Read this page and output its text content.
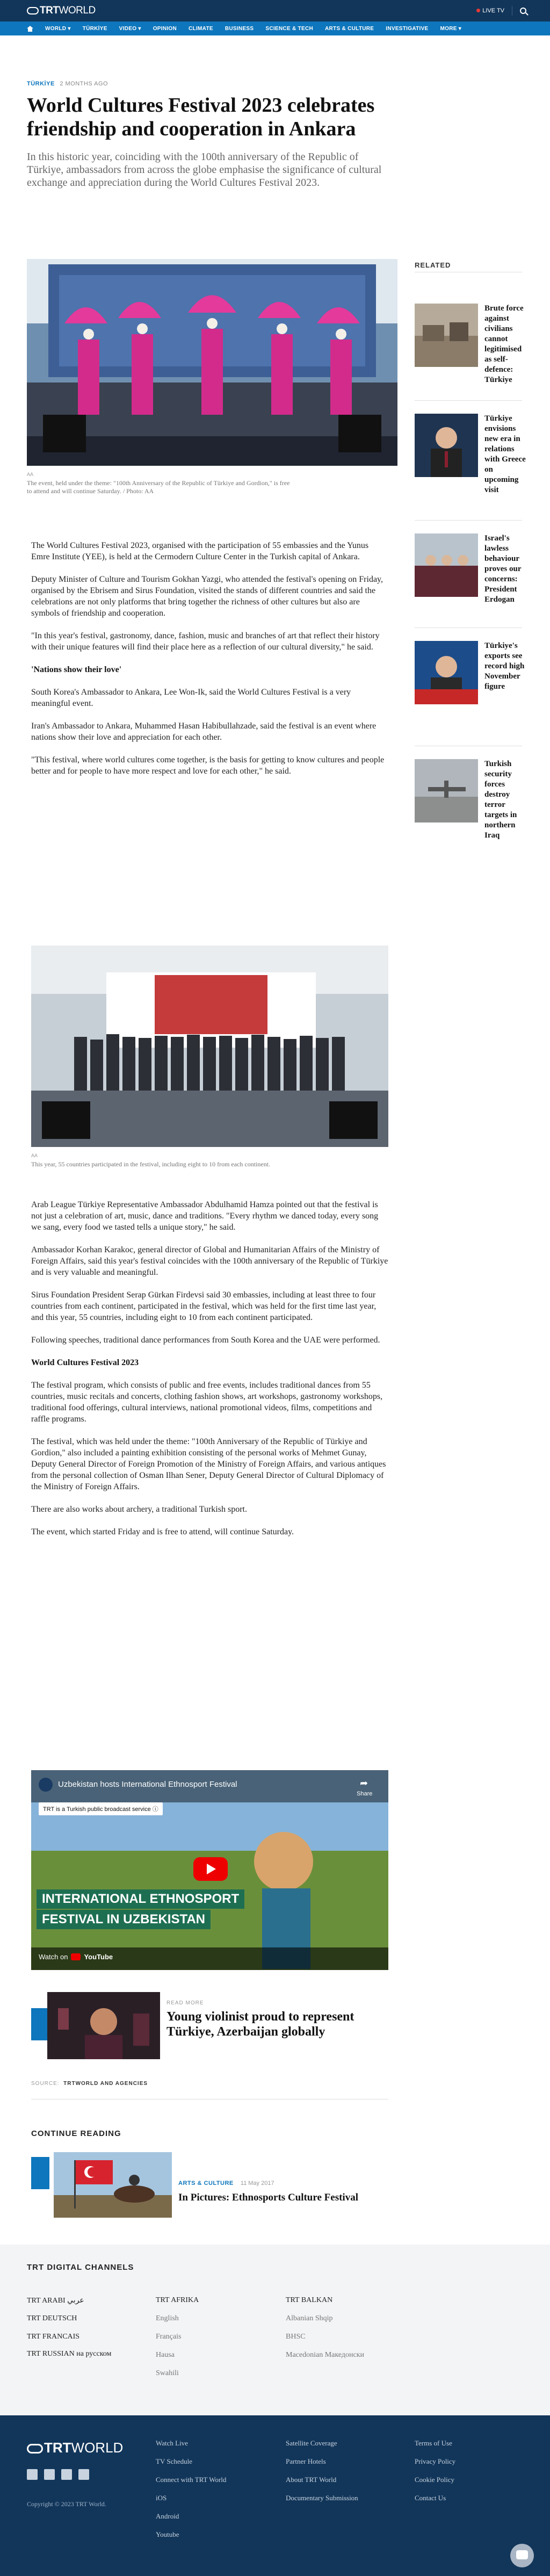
TRT WORLD	LIVE TV
WORLD ▾ TÜRKİYE VIDEO ▾ OPINION CLIMATE BUSINESS SCIENCE & TECH ARTS & CULTURE INVESTIGATIVE MORE ▾
TÜRKİYE 2 MONTHS AGO
World Cultures Festival 2023 celebrates friendship and cooperation in Ankara

In this historic year, coinciding with the 100th anniversary of the Republic of Türkiye, ambassadors from across the globe emphasise the significance of cultural exchange and appreciation during the World Cultures Festival 2023.

AA
The event, held under the theme: "100th Anniversary of the Republic of Türkiye and Gordion," is free to attend and will continue Saturday. / Photo: AA

The World Cultures Festival 2023, organised with the participation of 55 embassies and the Yunus Emre Institute (YEE), is held at the Cermodern Culture Center in the Turkish capital of Ankara.

Deputy Minister of Culture and Tourism Gokhan Yazgi, who attended the festival's opening on Friday, organised by the Ebrisem and Sirus Foundation, visited the stands of different countries and said the celebrations are not only platforms that bring together the richness of other cultures but also are symbols of friendship and cooperation.

"In this year's festival, gastronomy, dance, fashion, music and branches of art that reflect their history with their unique features will find their place here as a reflection of our cultural diversity," he said.

'Nations show their love'

South Korea's Ambassador to Ankara, Lee Won-Ik, said the World Cultures Festival is a very meaningful event.

Iran's Ambassador to Ankara, Muhammed Hasan Habibullahzade, said the festival is an event where nations show their love and appreciation for each other.

"This festival, where world cultures come together, is the basis for getting to know cultures and people better and for people to have more respect and love for each other," he said.

AA
This year, 55 countries participated in the festival, including eight to 10 from each continent.

Arab League Türkiye Representative Ambassador Abdulhamid Hamza pointed out that the festival is not just a celebration of art, music, dance and traditions. "Every rhythm we danced today, every song we sang, every food we tasted tells a unique story," he said.

Ambassador Korhan Karakoc, general director of Global and Humanitarian Affairs of the Ministry of Foreign Affairs, said this year's festival coincides with the 100th anniversary of the Republic of Türkiye and is very valuable and meaningful.

Sirus Foundation President Serap Gürkan Firdevsi said 30 embassies, including at least three to four countries from each continent, participated in the festival, which was held for the first time last year, and this year, 55 countries, including eight to 10 from each continent participated.

Following speeches, traditional dance performances from South Korea and the UAE were performed.

World Cultures Festival 2023

The festival program, which consists of public and free events, includes traditional dances from 55 countries, music recitals and concerts, clothing fashion shows, art workshops, gastronomy workshops, traditional food offerings, cultural interviews, national promotional videos, films, competitions and raffle programs.

The festival, which was held under the theme: "100th Anniversary of the Republic of Türkiye and Gordion," also included a painting exhibition consisting of the personal works of Mehmet Gunay, Deputy General Director of Foreign Promotion of the Ministry of Foreign Affairs, and various antiques from the personal collection of Osman Ilhan Sener, Deputy General Director of Cultural Diplomacy of the Ministry of Foreign Affairs.

There are also works about archery, a traditional Turkish sport.

The event, which started Friday and is free to attend, will continue Saturday.

Uzbekistan hosts International Ethnosport Festival	➦
Share
TRT is a Turkish public broadcast service ⓘ
INTERNATIONAL ETHNOSPORT
FESTIVAL IN UZBEKISTAN
Watch on YouTube
READ MORE
Young violinist proud to represent Türkiye, Azerbaijan globally
SOURCE: TRTWORLD AND AGENCIES
CONTINUE READING
ARTS & CULTURE 11 May 2017
In Pictures: Ethnosports Culture Festival
RELATED
Brute force against civilians cannot legitimised as self-defence: Türkiye
Türkiye envisions new era in relations with Greece on upcoming visit
Israel's lawless behaviour proves our concerns: President Erdogan
Türkiye's exports see record high November figure
Turkish security forces destroy terror targets in northern Iraq
TRT DIGITAL CHANNELS
TRT ARABI عربي
TRT DEUTSCH
TRT FRANCAIS
TRT RUSSIAN на русском
TRT AFRIKA
English
Français
Hausa
Swahili
TRT BALKAN
Albanian Shqip
BHSC
Macedonian Македонски
TRTWORLD
Copyright © 2023 TRT World.
Watch Live
TV Schedule
Connect with TRT World
iOS
Android
Youtube
Satellite Coverage
Partner Hotels
About TRT World
Documentary Submission
Terms of Use
Privacy Policy
Cookie Policy
Contact Us
